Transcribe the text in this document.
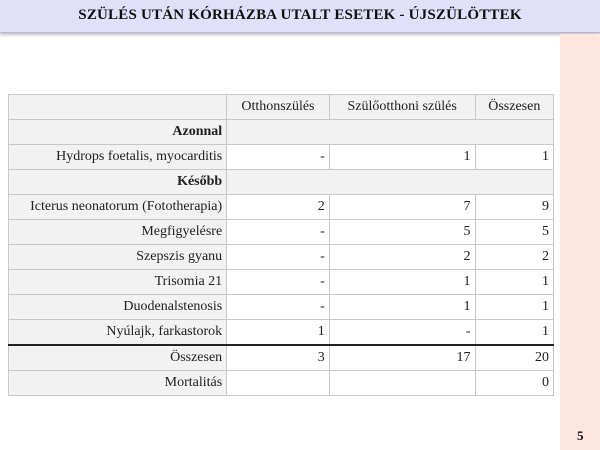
SZÜLÉS UTÁN KÓRHÁZBA UTALT ESETEK - ÚJSZÜLÖTTEK
	Otthonszülés	Szülőotthoni szülés	Összesen
Azonnal			
Hydrops foetalis, myocarditis	-	1	1
Később			
Icterus neonatorum (Fototherapia)	2	7	9
Megfigyelésre	-	5	5
Szepszis gyanu	-	2	2
Trisomia 21	-	1	1
Duodenalstenosis	-	1	1
Nyúlajk, farkastorok	1	-	1
Összesen	3	17	20
Mortalitás			0
5
